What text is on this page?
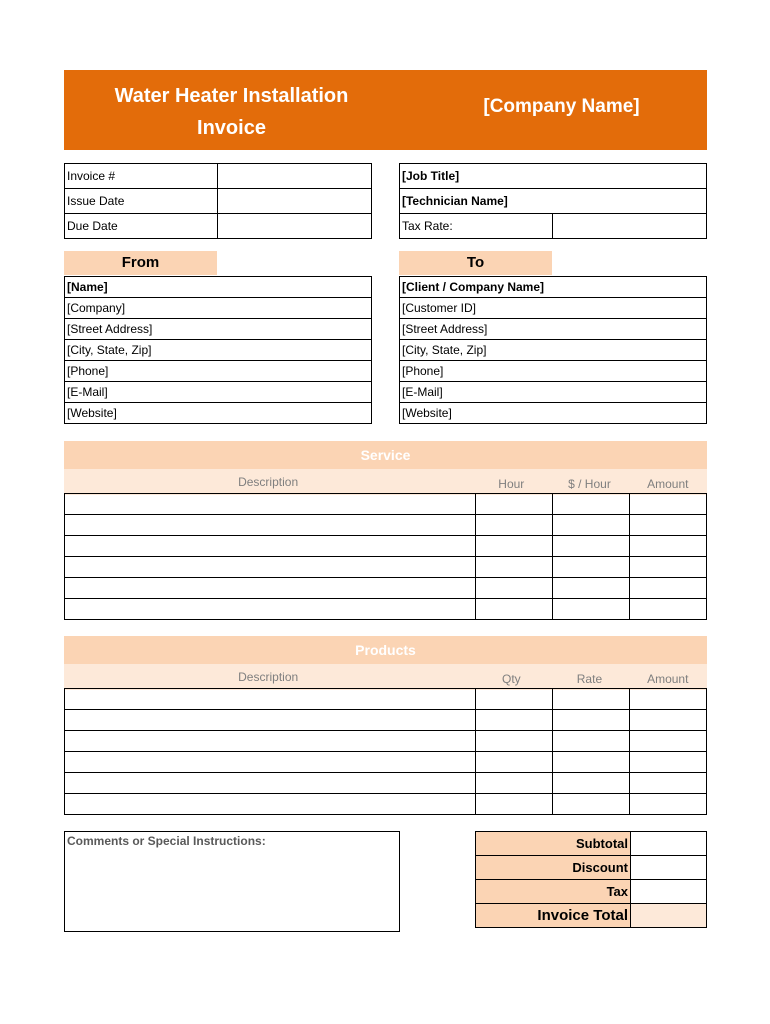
Water Heater Installation
Invoice
[Company Name]
Invoice #	
Issue Date	
Due Date	
[Job Title]
[Technician Name]
Tax Rate:	
From	To
[Name]
[Company]
[Street Address]
[City, State, Zip]
[Phone]
[E-Mail]
[Website]
[Client / Company Name]
[Customer ID]
[Street Address]
[City, State, Zip]
[Phone]
[E-Mail]
[Website]
Service
Description	Hour	$ / Hour	Amount

Products
Description	Qty	Rate	Amount

Comments or Special Instructions:	Subtotal	
Discount	
Tax	
Invoice Total	
